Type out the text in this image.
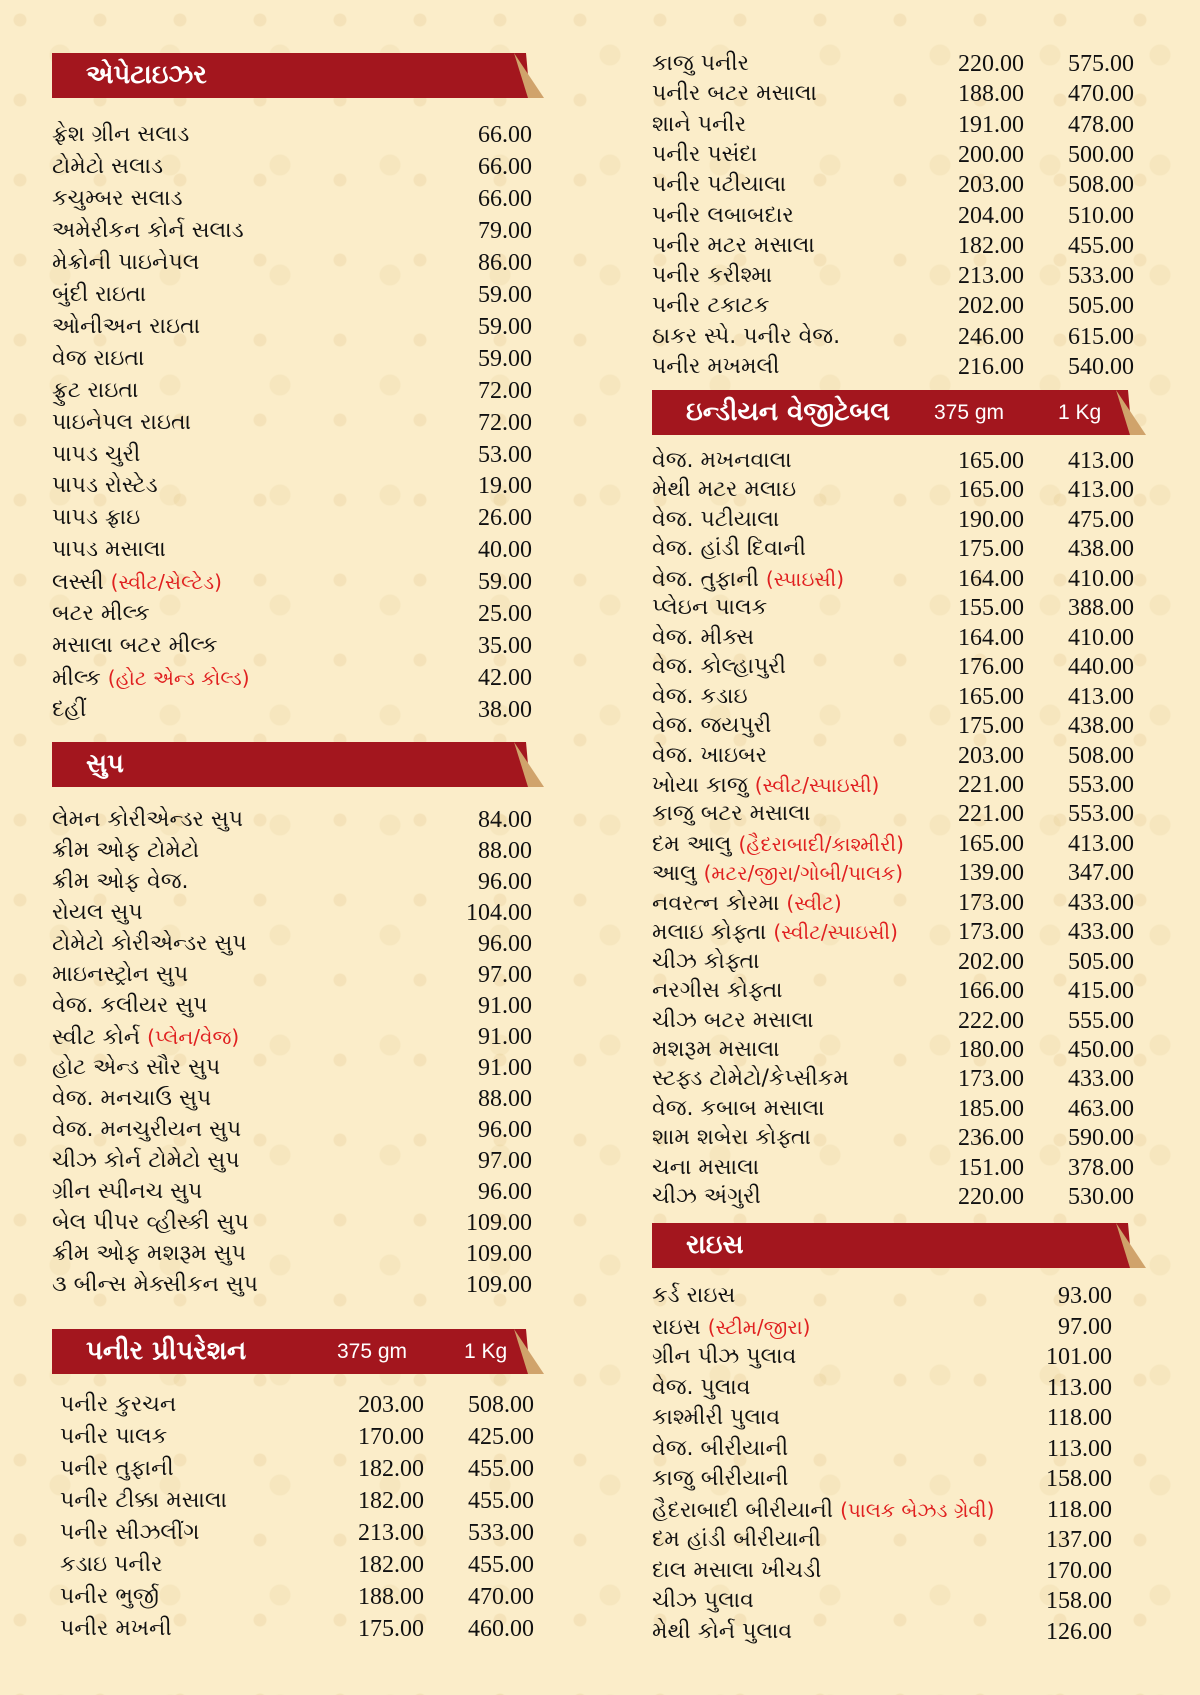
એપેટાઇઝર
ફ્રેશ ગ્રીન સલાડ	66.00
ટોમેટો સલાડ	66.00
કચુમ્બર સલાડ	66.00
અમેરીકન કોર્ન સલાડ	79.00
મેક્રોની પાઇનેપલ	86.00
બુંદી રાઇતા	59.00
ઓનીઅન રાઇતા	59.00
વેજ રાઇતા	59.00
ફ્રુટ રાઇતા	72.00
પાઇનેપલ રાઇતા	72.00
પાપડ ચુરી	53.00
પાપડ રોસ્ટેડ	19.00
પાપડ ફ્રાઇ	26.00
પાપડ મસાલા	40.00
લસ્સી (સ્વીટ/સેલ્ટેડ)	59.00
બટર મીલ્ક	25.00
મસાલા બટર મીલ્ક	35.00
મીલ્ક (હોટ એન્ડ કોલ્ડ)	42.00
દહીં	38.00
સુપ
લેમન કોરીએન્ડર સુપ	84.00
ક્રીમ ઓફ ટોમેટો	88.00
ક્રીમ ઓફ વેજ.	96.00
રોયલ સુપ	104.00
ટોમેટો કોરીએન્ડર સુપ	96.00
માઇનસ્ટ્રોન સુપ	97.00
વેજ. કલીયર સુપ	91.00
સ્વીટ કોર્ન (પ્લેન/વેજ)	91.00
હોટ એન્ડ સૌર સુપ	91.00
વેજ. મનચાઉ સુપ	88.00
વેજ. મનચુરીયન સુપ	96.00
ચીઝ કોર્ન ટોમેટો સુપ	97.00
ગ્રીન સ્પીનચ સુપ	96.00
બેલ પીપર વ્હીસ્કી સુપ	109.00
ક્રીમ ઓફ મશરૂમ સુપ	109.00
૩ બીન્સ મેક્સીકન સુપ	109.00
પનીર પ્રીપરેશન	375 gm	1 Kg
પનીર કુરચન	203.00 508.00
પનીર પાલક	170.00 425.00
પનીર તુફાની	182.00 455.00
પનીર ટીક્કા મસાલા	182.00 455.00
પનીર સીઝલીંગ	213.00 533.00
કડાઇ પનીર	182.00 455.00
પનીર ભુર્જી	188.00 470.00
પનીર મખની	175.00 460.00
કાજુ પનીર	220.00 575.00
પનીર બટર મસાલા	188.00 470.00
શાને પનીર	191.00 478.00
પનીર પસંદા	200.00 500.00
પનીર પટીયાલા	203.00 508.00
પનીર લબાબદાર	204.00 510.00
પનીર મટર મસાલા	182.00 455.00
પનીર કરીશ્મા	213.00 533.00
પનીર ટકાટક	202.00 505.00
ઠાકર સ્પે. પનીર વેજ.	246.00 615.00
પનીર મખમલી	216.00 540.00
ઇન્ડીયન વેજીટેબલ 375 gm	1 Kg
વેજ. મખનવાલા	165.00 413.00
મેથી મટર મલાઇ	165.00 413.00
વેજ. પટીયાલા	190.00 475.00
વેજ. હાંડી દિવાની	175.00 438.00
વેજ. તુફાની (સ્પાઇસી)	164.00 410.00
પ્લેઇન પાલક	155.00 388.00
વેજ. મીક્સ	164.00 410.00
વેજ. કોલ્હાપુરી	176.00 440.00
વેજ. કડાઇ	165.00 413.00
વેજ. જયપુરી	175.00 438.00
વેજ. ખાઇબર	203.00 508.00
ખોયા કાજુ (સ્વીટ/સ્પાઇસી)	221.00 553.00
કાજુ બટર મસાલા	221.00 553.00
દમ આલુ (હૈદરાબાદી/કાશ્મીરી) 165.00 413.00
આલુ (મટર/જીરા/ગોબી/પાલક) 139.00 347.00
નવરત્ન કોરમા (સ્વીટ)	173.00 433.00
મલાઇ કોફ્તા (સ્વીટ/સ્પાઇસી)	173.00 433.00
ચીઝ કોફ્તા	202.00 505.00
નરગીસ કોફ્તા	166.00 415.00
ચીઝ બટર મસાલા	222.00 555.00
મશરૂમ મસાલા	180.00 450.00
સ્ટફ્ડ ટોમેટો/કેપ્સીકમ	173.00 433.00
વેજ. કબાબ મસાલા	185.00 463.00
શામ શબેરા કોફ્તા	236.00 590.00
ચના મસાલા	151.00 378.00
ચીઝ અંગુરી	220.00 530.00
રાઇસ
કર્ડ રાઇસ	93.00
રાઇસ (સ્ટીમ/જીરા)	97.00
ગ્રીન પીઝ પુલાવ	101.00
વેજ. પુલાવ	113.00
કાશ્મીરી પુલાવ	118.00
વેજ. બીરીયાની	113.00
કાજુ બીરીયાની	158.00
હૈદરાબાદી બીરીયાની (પાલક બેઝડ ગ્રેવી) 118.00
દમ હાંડી બીરીયાની	137.00
દાલ મસાલા ખીચડી	170.00
ચીઝ પુલાવ	158.00
મેથી કોર્ન પુલાવ	126.00
